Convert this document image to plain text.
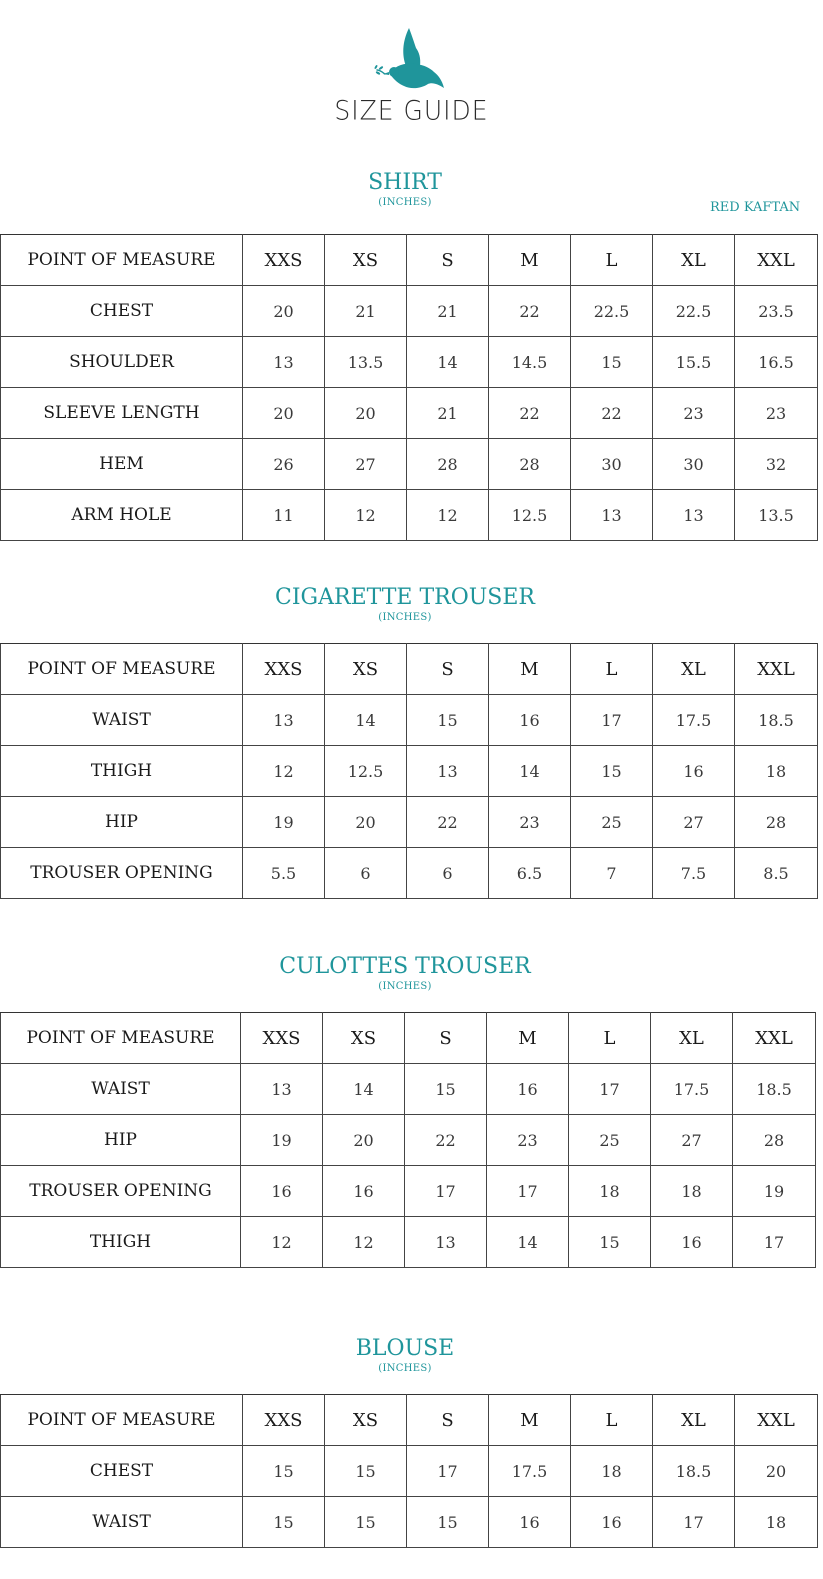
SIZE GUIDE
SHIRT
(INCHES)	RED KAFTAN
POINT OF MEASURE	XXS	XS	S	M	L	XL	XXL
CHEST	20	21	21	22	22.5	22.5	23.5
SHOULDER	13	13.5	14	14.5	15	15.5	16.5
SLEEVE LENGTH	20	20	21	22	22	23	23
HEM	26	27	28	28	30	30	32
ARM HOLE	11	12	12	12.5	13	13	13.5
CIGARETTE TROUSER
(INCHES)
POINT OF MEASURE	XXS	XS	S	M	L	XL	XXL
WAIST	13	14	15	16	17	17.5	18.5
THIGH	12	12.5	13	14	15	16	18
HIP	19	20	22	23	25	27	28
TROUSER OPENING	5.5	6	6	6.5	7	7.5	8.5
CULOTTES TROUSER
(INCHES)
POINT OF MEASURE	XXS	XS	S	M	L	XL	XXL
WAIST	13	14	15	16	17	17.5	18.5
HIP	19	20	22	23	25	27	28
TROUSER OPENING	16	16	17	17	18	18	19
THIGH	12	12	13	14	15	16	17
BLOUSE
(INCHES)
POINT OF MEASURE	XXS	XS	S	M	L	XL	XXL
CHEST	15	15	17	17.5	18	18.5	20
WAIST	15	15	15	16	16	17	18
